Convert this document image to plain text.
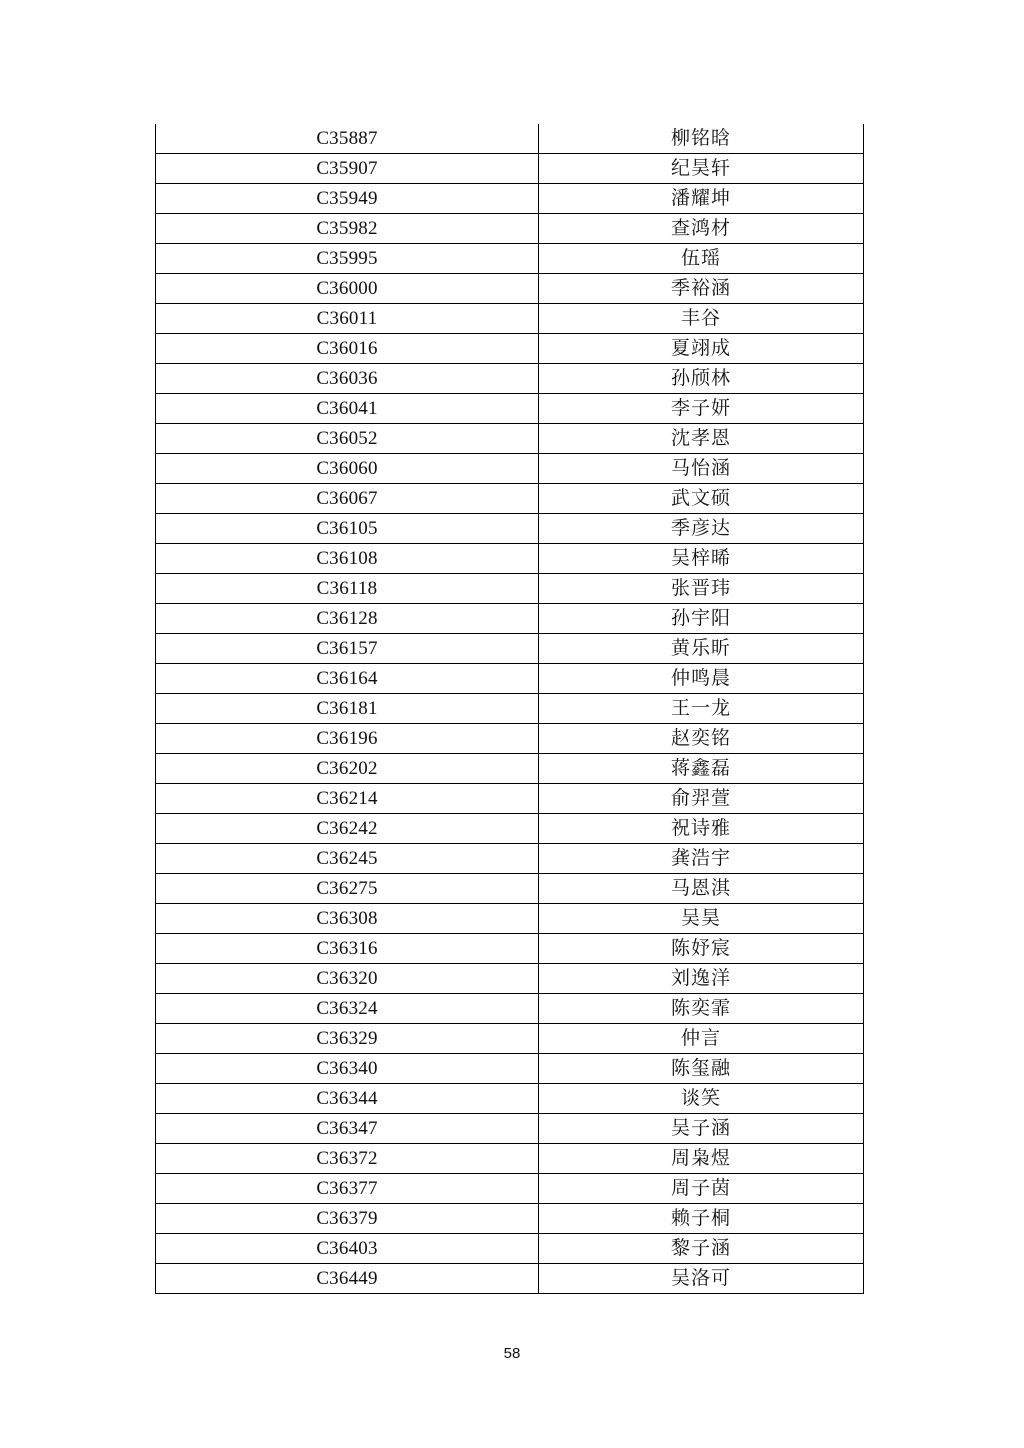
C35887	柳铭晗
C35907	纪昊轩
C35949	潘耀坤
C35982	查鸿材
C35995	伍瑶
C36000	季裕涵
C36011	丰谷
C36016	夏翊成
C36036	孙颀林
C36041	李子妍
C36052	沈孝恩
C36060	马怡涵
C36067	武文硕
C36105	季彦达
C36108	吴梓晞
C36118	张晋玮
C36128	孙宇阳
C36157	黄乐昕
C36164	仲鸣晨
C36181	王一龙
C36196	赵奕铭
C36202	蒋鑫磊
C36214	俞羿萱
C36242	祝诗雅
C36245	龚浩宇
C36275	马恩淇
C36308	吴昊
C36316	陈妤宸
C36320	刘逸洋
C36324	陈奕霏
C36329	仲言
C36340	陈玺融
C36344	谈笑
C36347	吴子涵
C36372	周枭煜
C36377	周子茵
C36379	赖子桐
C36403	黎子涵
C36449	吴洛可
58
